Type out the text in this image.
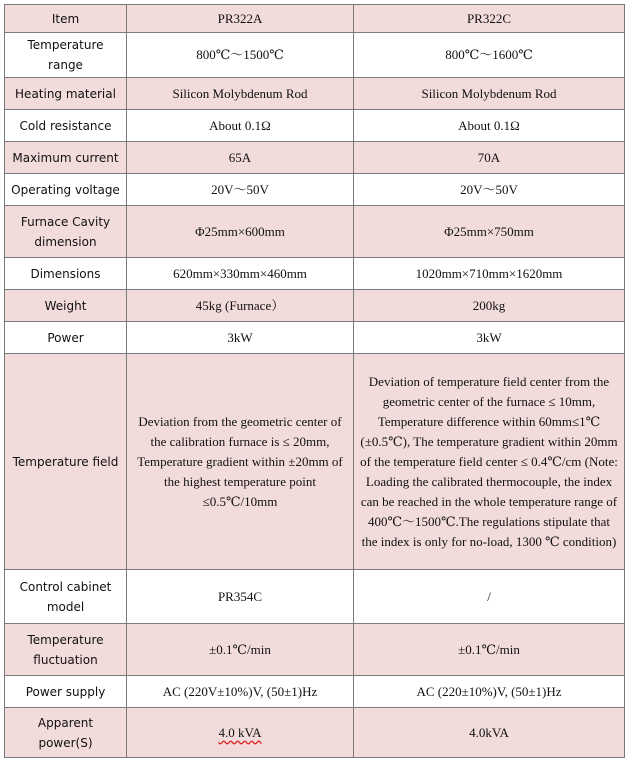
Item	PR322A	PR322C
Temperature range	800℃～1500℃	800℃～1600℃
Heating material	Silicon Molybdenum Rod	Silicon Molybdenum Rod
Cold resistance	About 0.1Ω	About 0.1Ω
Maximum current	65A	70A
Operating voltage	20V～50V	20V～50V
Furnace Cavity dimension	Φ25mm×600mm	Φ25mm×750mm
Dimensions	620mm×330mm×460mm	1020mm×710mm×1620mm
Weight	45kg (Furnace）	200kg
Power	3kW	3kW
Temperature field	Deviation from the geometric center of the calibration furnace is ≤ 20mm, Temperature gradient within ±20mm of the highest temperature point ≤0.5℃/10mm	Deviation of temperature field center from the geometric center of the furnace ≤ 10mm, Temperature difference within 60mm≤1℃ (±0.5℃), The temperature gradient within 20mm of the temperature field center ≤ 0.4℃/cm (Note: Loading the calibrated thermocouple, the index can be reached in the whole temperature range of 400℃～1500℃.The regulations stipulate that the index is only for no-load, 1300 ℃ condition)
Control cabinet model	PR354C	/
Temperature fluctuation	±0.1℃/min	±0.1℃/min
Power supply	AC (220V±10%)V, (50±1)Hz	AC (220±10%)V, (50±1)Hz
Apparent power(S)	4.0 kVA	4.0kVA
